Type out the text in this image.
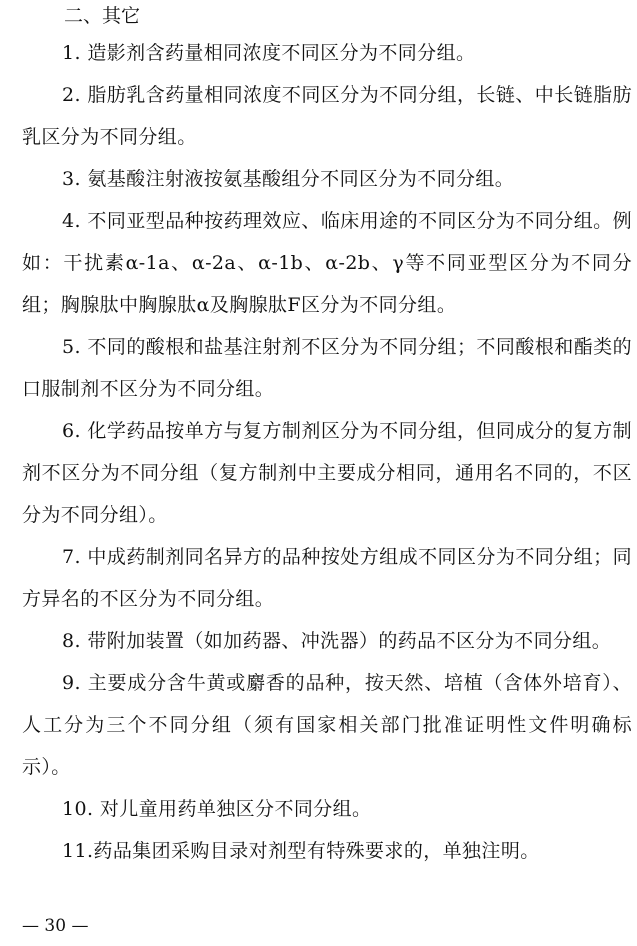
二、其它

1. 造影剂含药量相同浓度不同区分为不同分组。

2. 脂肪乳含药量相同浓度不同区分为不同分组，长链、中长链脂肪乳区分为不同分组。

3. 氨基酸注射液按氨基酸组分不同区分为不同分组。

4. 不同亚型品种按药理效应、临床用途的不同区分为不同分组。例如：干扰素α-1a、α-2a、α-1b、α-2b、γ等不同亚型区分为不同分组；胸腺肽中胸腺肽α及胸腺肽F区分为不同分组。

5. 不同的酸根和盐基注射剂不区分为不同分组；不同酸根和酯类的口服制剂不区分为不同分组。

6. 化学药品按单方与复方制剂区分为不同分组，但同成分的复方制剂不区分为不同分组（复方制剂中主要成分相同，通用名不同的，不区分为不同分组）。

7. 中成药制剂同名异方的品种按处方组成不同区分为不同分组；同方异名的不区分为不同分组。

8. 带附加装置（如加药器、冲洗器）的药品不区分为不同分组。

9. 主要成分含牛黄或麝香的品种，按天然、培植（含体外培育）、人工分为三个不同分组（须有国家相关部门批准证明性文件明确标示）。

10. 对儿童用药单独区分不同分组。

11.药品集团采购目录对剂型有特殊要求的，单独注明。

— 30 —
